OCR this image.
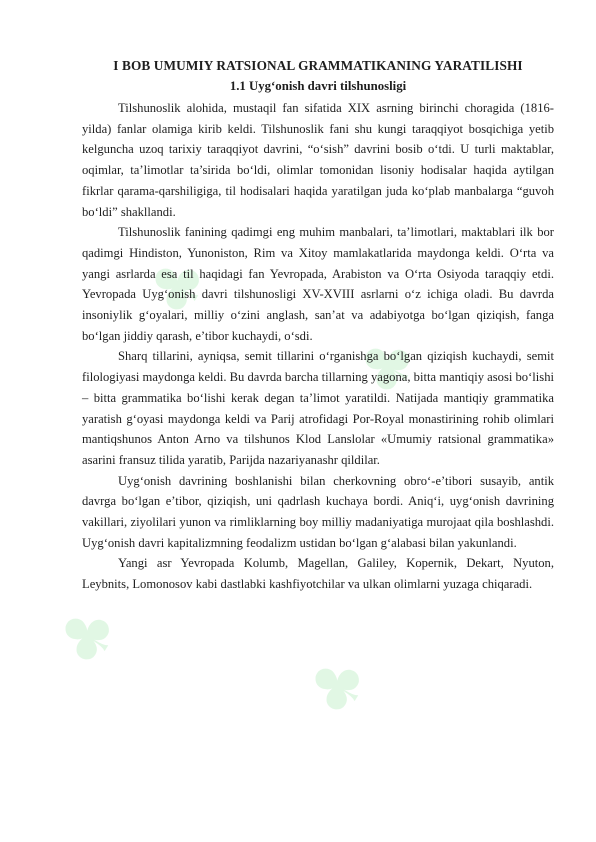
♣
♣
♣
♣
I BOB UMUMIY RATSIONAL GRAMMATIKANING YARATILISHI
1.1 Uyg‘onish davri tilshunosligi

Tilshunoslik alohida, mustaqil fan sifatida XIX asrning birinchi choragida (1816-yilda) fanlar olamiga kirib keldi. Tilshunoslik fani shu kungi taraqqiyot bosqichiga yetib kelguncha uzoq tarixiy taraqqiyot davrini, “o‘sish” davrini bosib o‘tdi. U turli maktablar, oqimlar, ta’limotlar ta’sirida bo‘ldi, olimlar tomonidan lisoniy hodisalar haqida aytilgan fikrlar qarama-qarshiligiga, til hodisalari haqida yaratilgan juda ko‘plab manbalarga “guvoh bo‘ldi” shakllandi.

Tilshunoslik fanining qadimgi eng muhim manbalari, ta’limotlari, maktablari ilk bor qadimgi Hindiston, Yunoniston, Rim va Xitoy mamlakatlarida maydonga keldi. O‘rta va yangi asrlarda esa til haqidagi fan Yevropada, Arabiston va O‘rta Osiyoda taraqqiy etdi. Yevropada Uyg‘onish davri tilshunosligi XV-XVIII asrlarni o‘z ichiga oladi. Bu davrda insoniylik g‘oyalari, milliy o‘zini anglash, san’at va adabiyotga bo‘lgan qiziqish, fanga bo‘lgan jiddiy qarash, e’tibor kuchaydi, o‘sdi.

Sharq tillarini, ayniqsa, semit tillarini o‘rganishga bo‘lgan qiziqish kuchaydi, semit filologiyasi maydonga keldi. Bu davrda barcha tillarning yagona, bitta mantiqiy asosi bo‘lishi – bitta grammatika bo‘lishi kerak degan ta’limot yaratildi. Natijada mantiqiy grammatika yaratish g‘oyasi maydonga keldi va Parij atrofidagi Por-Royal monastirining rohib olimlari mantiqshunos Anton Arno va tilshunos Klod Lanslolar «Umumiy ratsional grammatika» asarini fransuz tilida yaratib, Parijda nazariyanashr qildilar.

Uyg‘onish davrining boshlanishi bilan cherkovning obro‘-e’tibori susayib, antik davrga bo‘lgan e’tibor, qiziqish, uni qadrlash kuchaya bordi. Aniq‘i, uyg‘onish davrining vakillari, ziyolilari yunon va rimliklarning boy milliy madaniyatiga murojaat qila boshlashdi. Uyg‘onish davri kapitalizmning feodalizm ustidan bo‘lgan g‘alabasi bilan yakunlandi.

Yangi asr Yevropada Kolumb, Magellan, Galiley, Kopernik, Dekart, Nyuton, Leybnits, Lomonosov kabi dastlabki kashfiyotchilar va ulkan olimlarni yuzaga chiqaradi.
